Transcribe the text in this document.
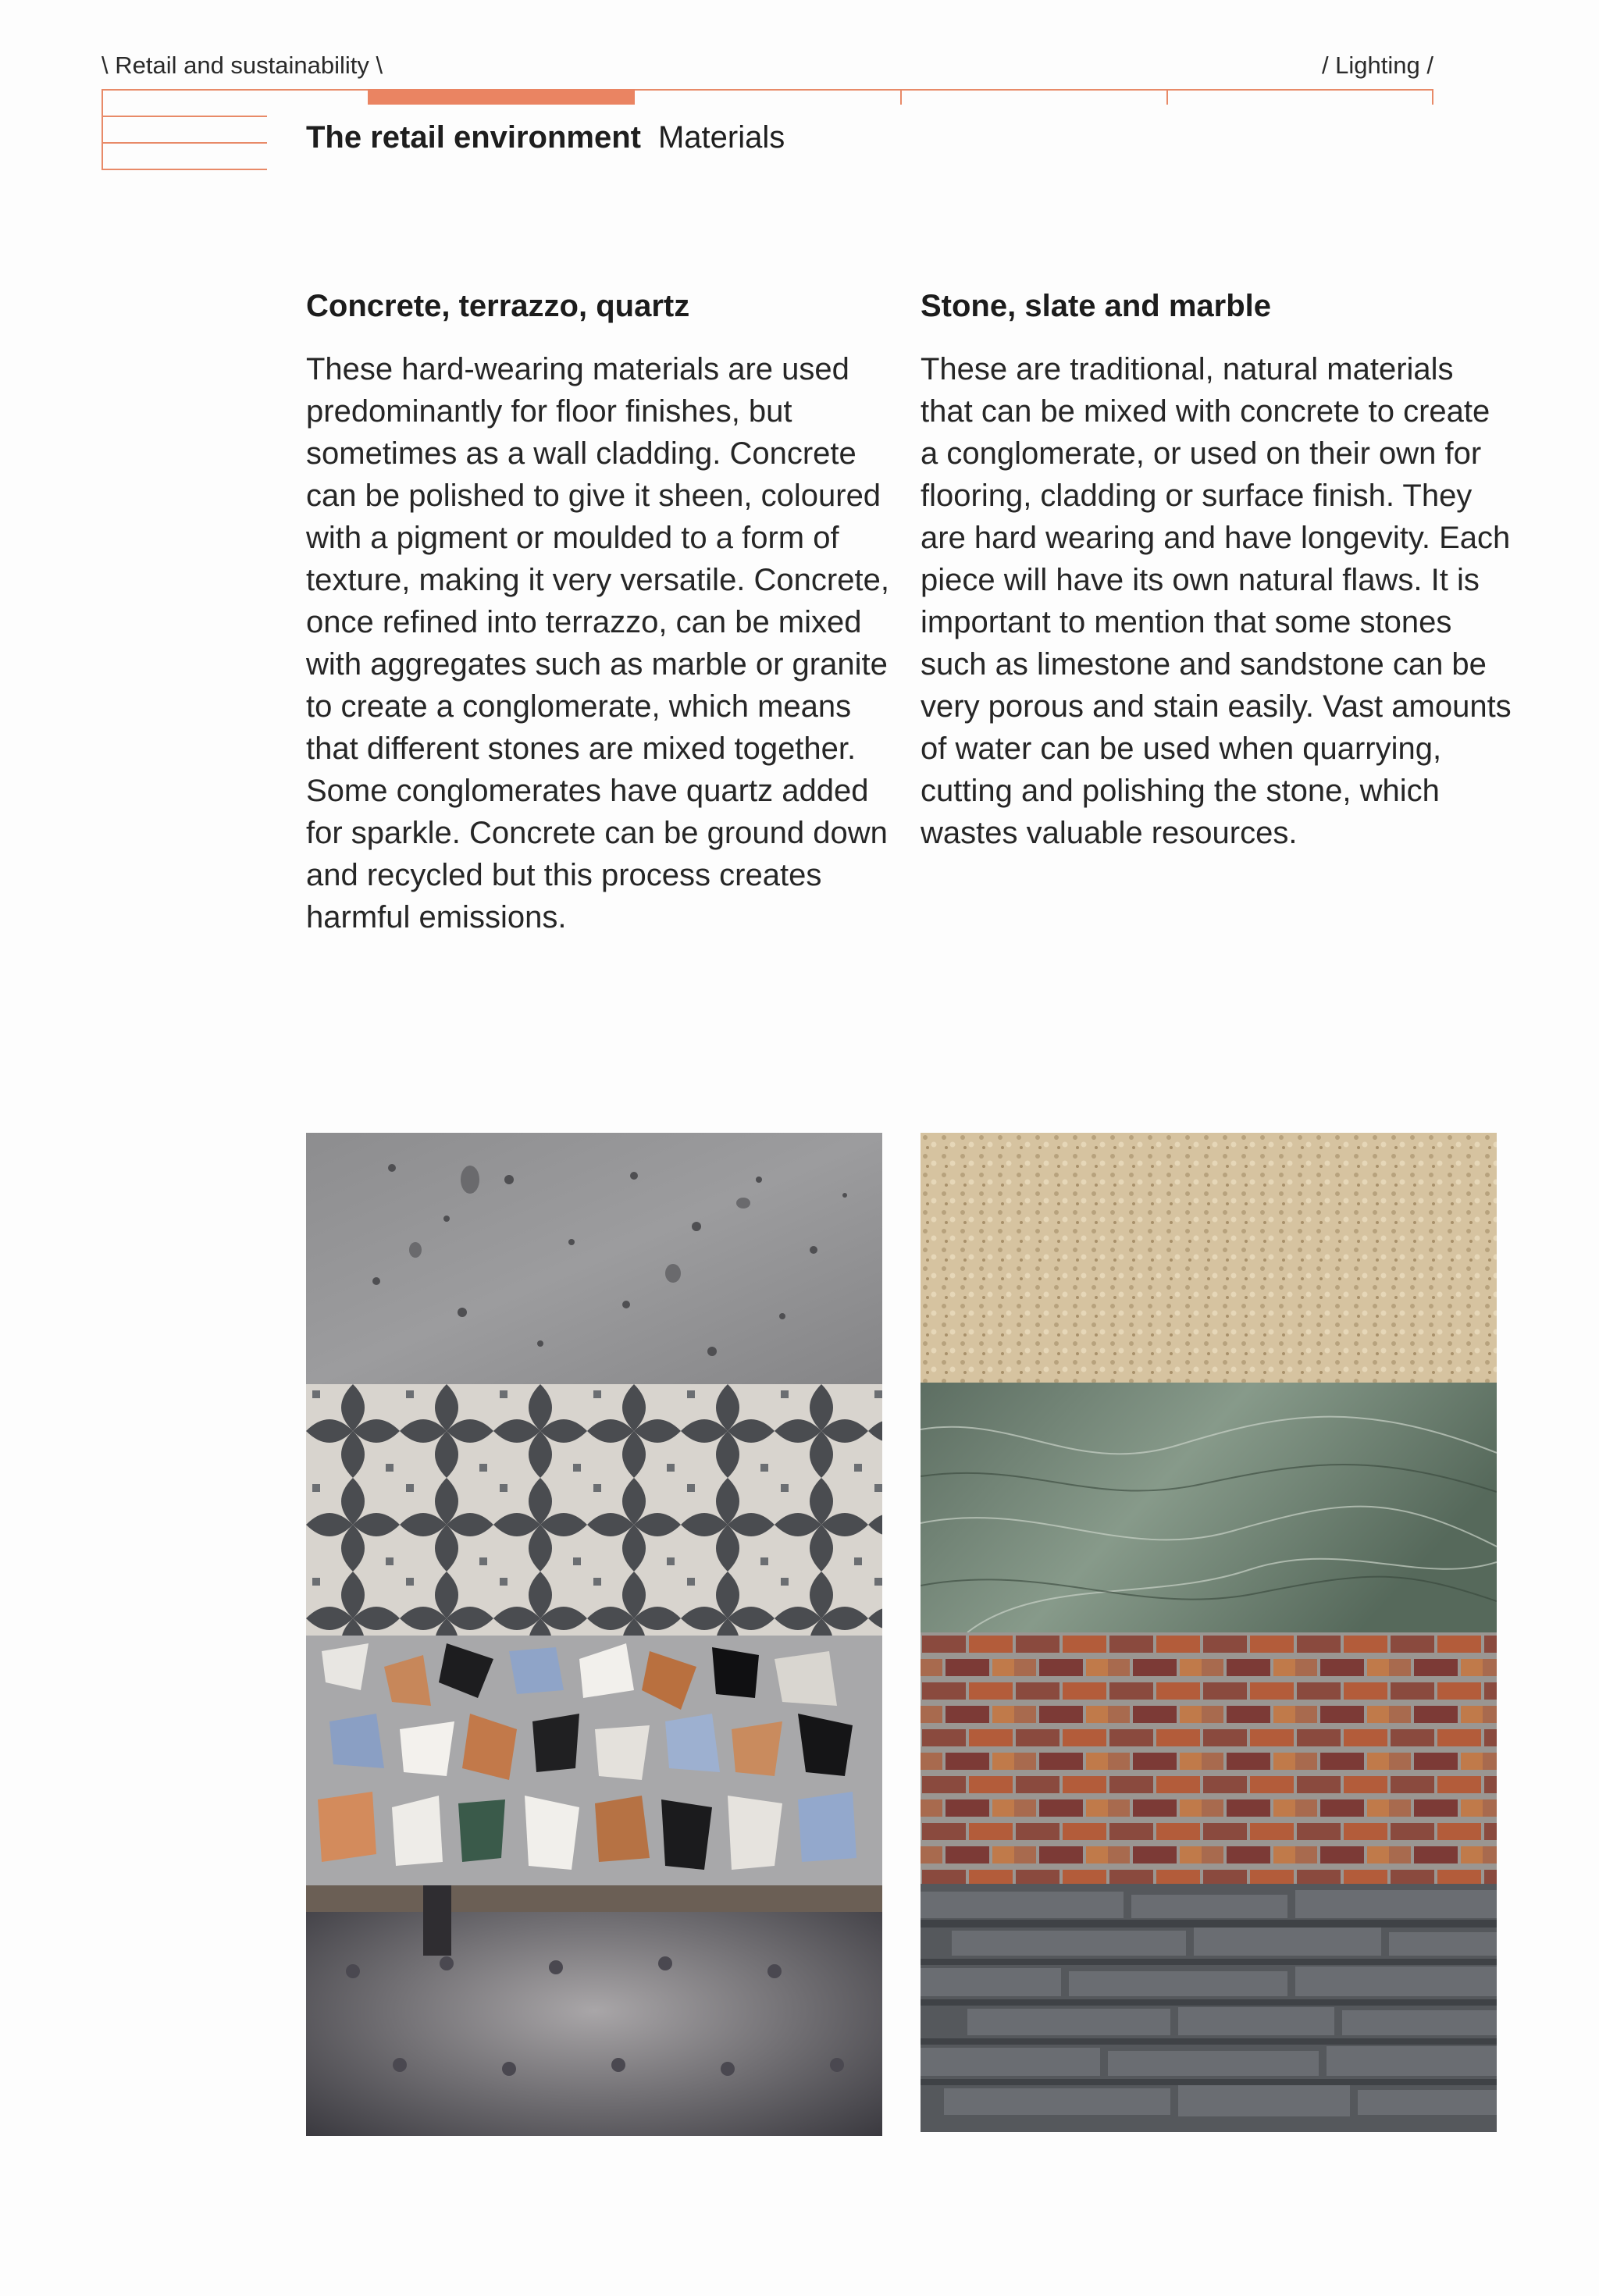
\ Retail and sustainability \	/ Lighting /
The retail environment Materials
Concrete, terrazzo, quartz

These hard-wearing materials are used predominantly for floor finishes, but sometimes as a wall cladding. Concrete can be polished to give it sheen, coloured with a pigment or moulded to a form of texture, making it very versatile. Concrete, once refined into terrazzo, can be mixed with aggregates such as marble or granite to create a conglomerate, which means that different stones are mixed together. Some conglomerates have quartz added for sparkle. Concrete can be ground down and recycled but this process creates harmful emissions.

Stone, slate and marble

These are traditional, natural materials that can be mixed with concrete to create a conglomerate, or used on their own for flooring, cladding or surface finish. They are hard wearing and have longevity. Each piece will have its own natural flaws. It is important to mention that some stones such as limestone and sandstone can be very porous and stain easily. Vast amounts of water can be used when quarrying, cutting and polishing the stone, which wastes valuable resources.
